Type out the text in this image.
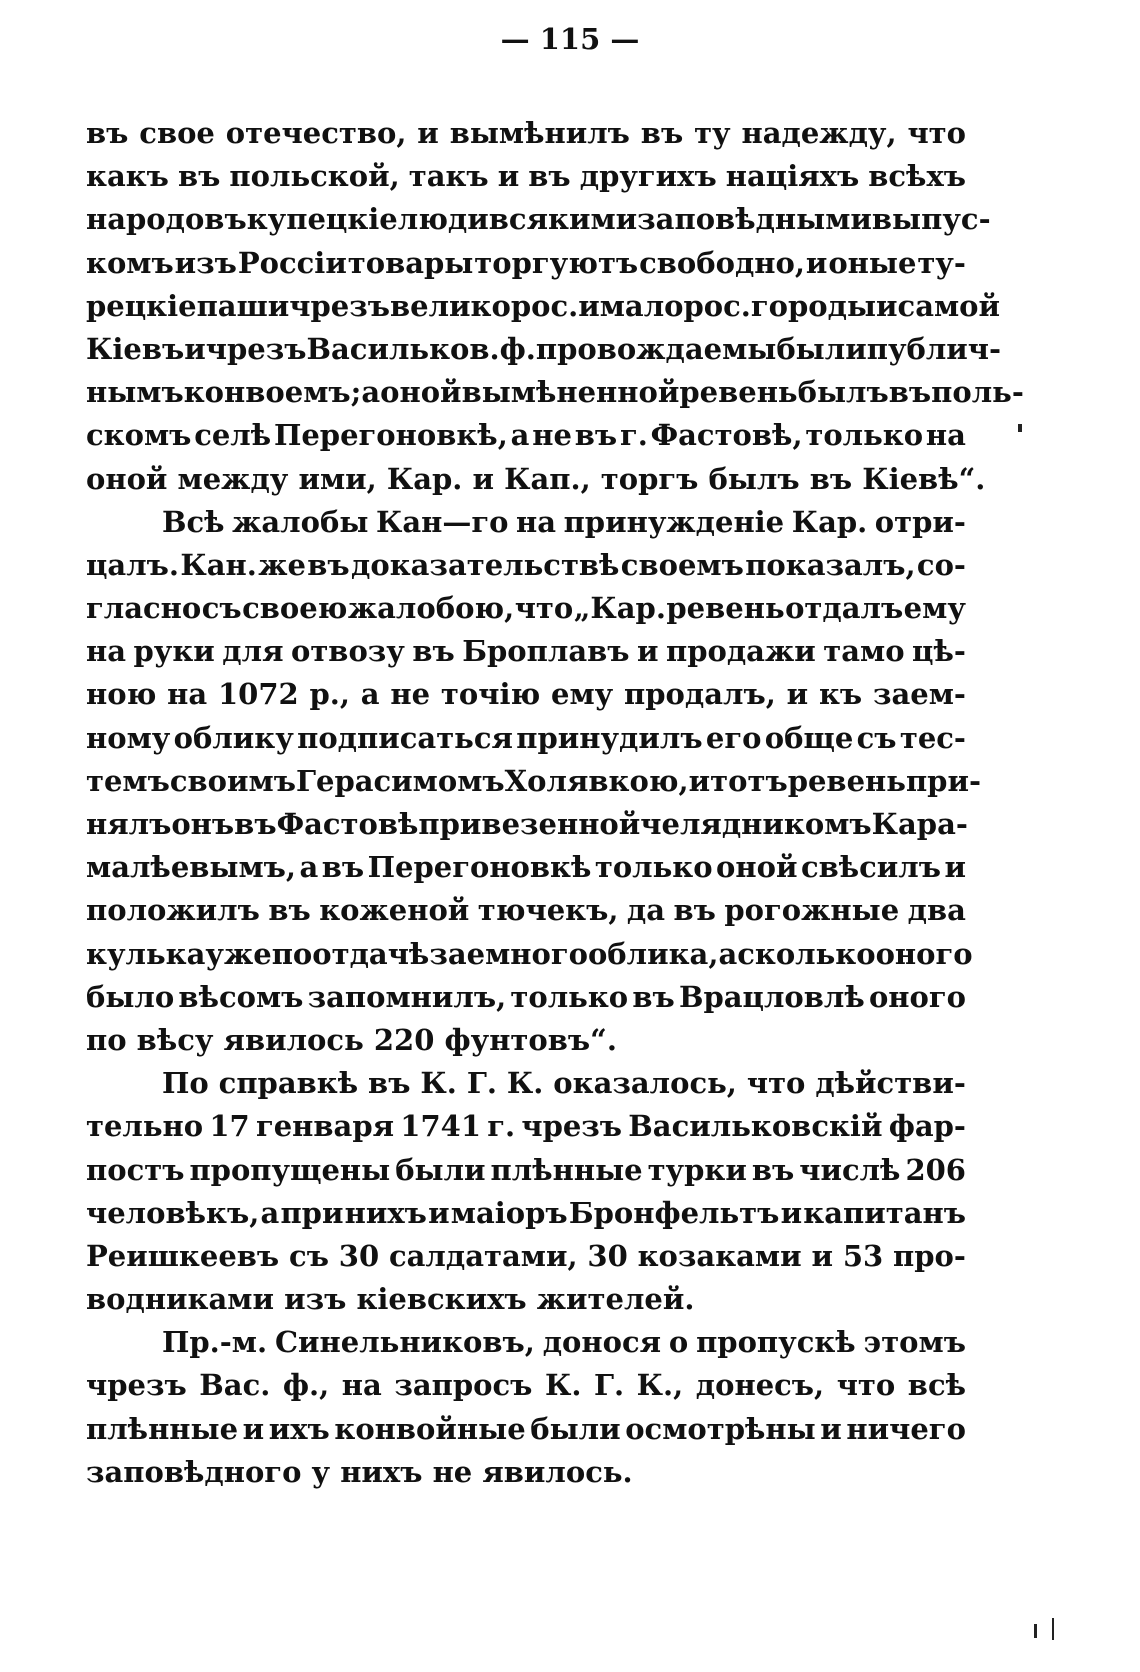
— 115 —
въ свое отечество, и вымѣнилъ въ ту надежду, что
какъ въ польской, такъ и въ другихъ націяхъ всѣхъ
народовъ купецкіе люди всякими заповѣдными выпус-
комъ изъ Россіи товары торгуютъ свободно, и оные ту-
рецкіе паши чрезъ великорос. и малорос. городы и самой
Кіевъ и чрезъ Васильков. ф. провождаемы были публич-
нымъ конвоемъ; а оной вымѣненной ревень былъ въ поль-
скомъ селѣ Перегоновкѣ, а не въ г. Фастовѣ, только на
оной между ими, Кар. и Кап., торгъ былъ въ Кіевѣ“.
Всѣ жалобы Кан—го на принужденіе Кар. отри-
цалъ. Кан. же въ доказательствѣ своемъ показалъ, со-
гласно съ своею жалобою, что „Кар. ревень отдалъ ему
на руки для отвозу въ Броплавъ и продажи тамо цѣ-
ною на 1072 р., а не точію ему продалъ, и къ заем-
ному облику подписаться принудилъ его обще съ тес-
темъ своимъ Герасимомъ Холявкою, и тотъ ревень при-
нялъ онъ въ Фастовѣ привезенной челядникомъ Кара-
малѣевымъ, а въ Перегоновкѣ только оной свѣсилъ и
положилъ въ коженой тючекъ, да въ рогожные два
кулька уже по отдачѣ заемного облика, а сколько оного
было вѣсомъ запомнилъ, только въ Врацловлѣ оного
по вѣсу явилось 220 фунтовъ“.
По справкѣ въ К. Г. К. оказалось, что дѣйстви-
тельно 17 генваря 1741 г. чрезъ Васильковскій фар-
постъ пропущены были плѣнные турки въ числѣ 206
человѣкъ, а при нихъ и маіоръ Бронфельтъ и капитанъ
Реишкеевъ съ 30 салдатами, 30 козаками и 53 про-
водниками изъ кіевскихъ жителей.
Пр.-м. Синельниковъ, донося о пропускѣ этомъ
чрезъ Вас. ф., на запросъ К. Г. К., донесъ, что всѣ
плѣнные и ихъ конвойные были осмотрѣны и ничего
заповѣдного у нихъ не явилось.
